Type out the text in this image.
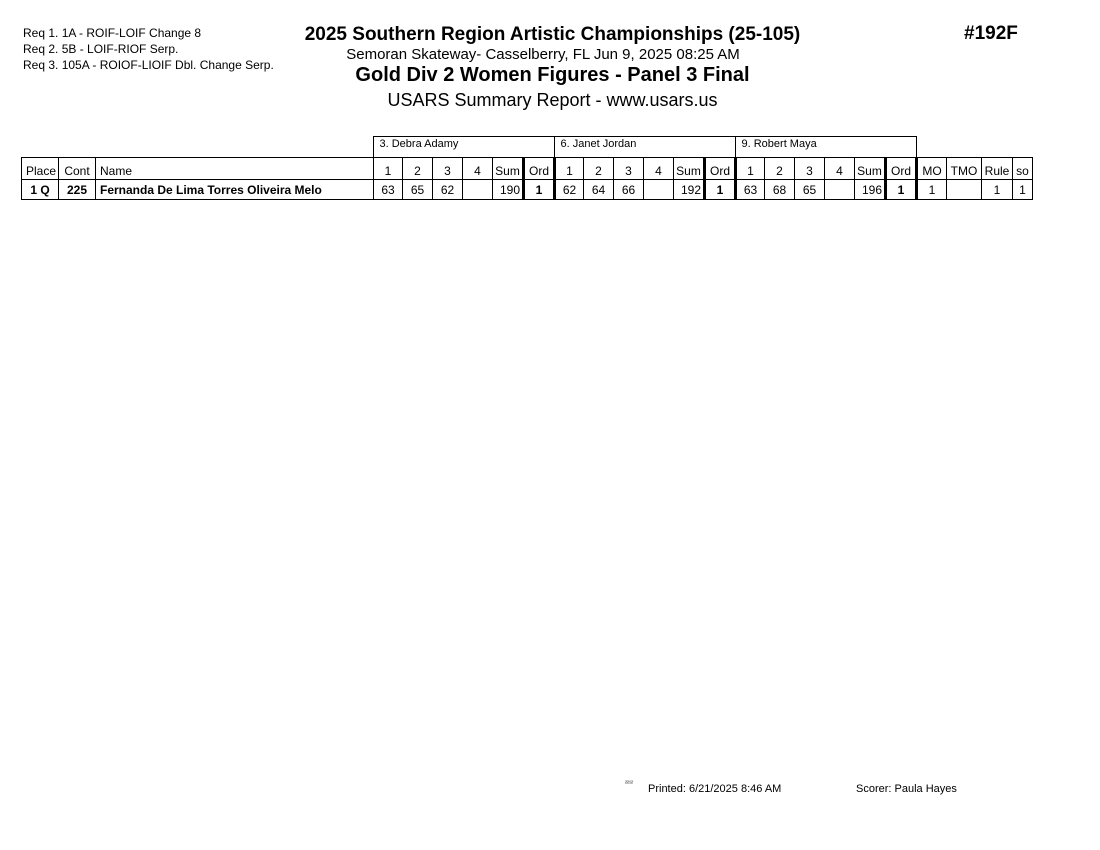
Req 1. 1A - ROIF-LOIF Change 8
Req 2. 5B - LOIF-RIOF Serp.
Req 3. 105A - ROIOF-LIOIF Dbl. Change Serp.
2025 Southern Region Artistic Championships (25-105)
Semoran Skateway- Casselberry, FL Jun 9, 2025 08:25 AM
Gold Div 2 Women Figures - Panel 3 Final
USARS Summary Report - www.usars.us
#192F
	3. Debra Adamy	6. Janet Jordan	9. Robert Maya
Place	Cont	Name	1	2	3	4	Sum	Ord	1	2	3	4	Sum	Ord	1	2	3	4	Sum	Ord	MO	TMO	Rule	so
1 Q	225	Fernanda De Lima Torres Oliveira Melo	63	65	62		190	1	62	64	66		192	1	63	68	65		196	1	1		1	1
²²¹² Printed: 6/21/2025 8:46 AM	Scorer: Paula Hayes
